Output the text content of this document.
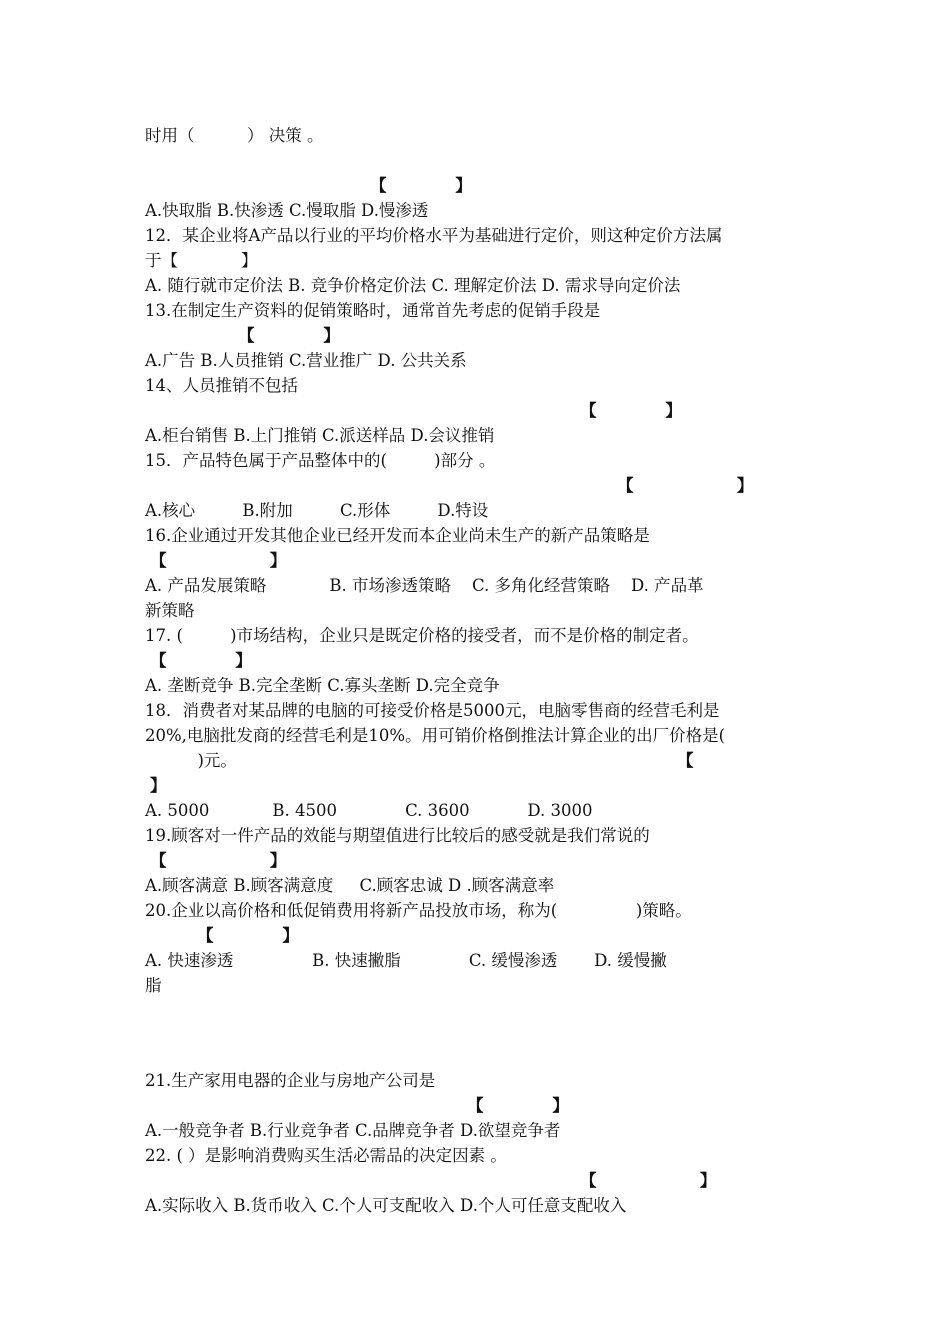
时用（          ） 决策 。
【            】
A.快取脂 B.快渗透 C.慢取脂 D.慢渗透
12．某企业将A产品以行业的平均价格水平为基础进行定价，则这种定价方法属
于【            】
A. 随行就市定价法 B. 竞争价格定价法 C. 理解定价法 D. 需求导向定价法
13.在制定生产资料的促销策略时，通常首先考虑的促销手段是
【            】
A.广告 B.人员推销 C.营业推广 D. 公共关系
14、人员推销不包括
【            】
A.柜台销售 B.上门推销 C.派送样品 D.会议推销
15．产品特色属于产品整体中的(         )部分 。
【                  】
A.核心         B.附加         C.形体         D.特设
16.企业通过开发其他企业已经开发而本企业尚未生产的新产品策略是
【                  】
A. 产品发展策略            B. 市场渗透策略    C. 多角化经营策略    D. 产品革
新策略
17. (         )市场结构，企业只是既定价格的接受者，而不是价格的制定者。
【            】
A. 垄断竞争 B.完全垄断 C.寡头垄断 D.完全竞争
18．消费者对某品牌的电脑的可接受价格是5000元，电脑零售商的经营毛利是
20%,电脑批发商的经营毛利是10%。用可销价格倒推法计算企业的出厂价格是(
)元。	【
】
A. 5000            B. 4500             C. 3600           D. 3000
19.顾客对一件产品的效能与期望值进行比较后的感受就是我们常说的
【                  】
A.顾客满意 B.顾客满意度     C.顾客忠诚 D .顾客满意率
20.企业以高价格和低促销费用将新产品投放市场，称为(               )策略。
【            】
A. 快速渗透               B. 快速撇脂             C. 缓慢渗透       D. 缓慢撇
脂
21.生产家用电器的企业与房地产公司是
【            】
A.一般竞争者 B.行业竞争者 C.品牌竞争者 D.欲望竞争者
22. ( ）是影响消费购买生活必需品的决定因素 。
【                  】
A.实际收入 B.货币收入 C.个人可支配收入 D.个人可任意支配收入
